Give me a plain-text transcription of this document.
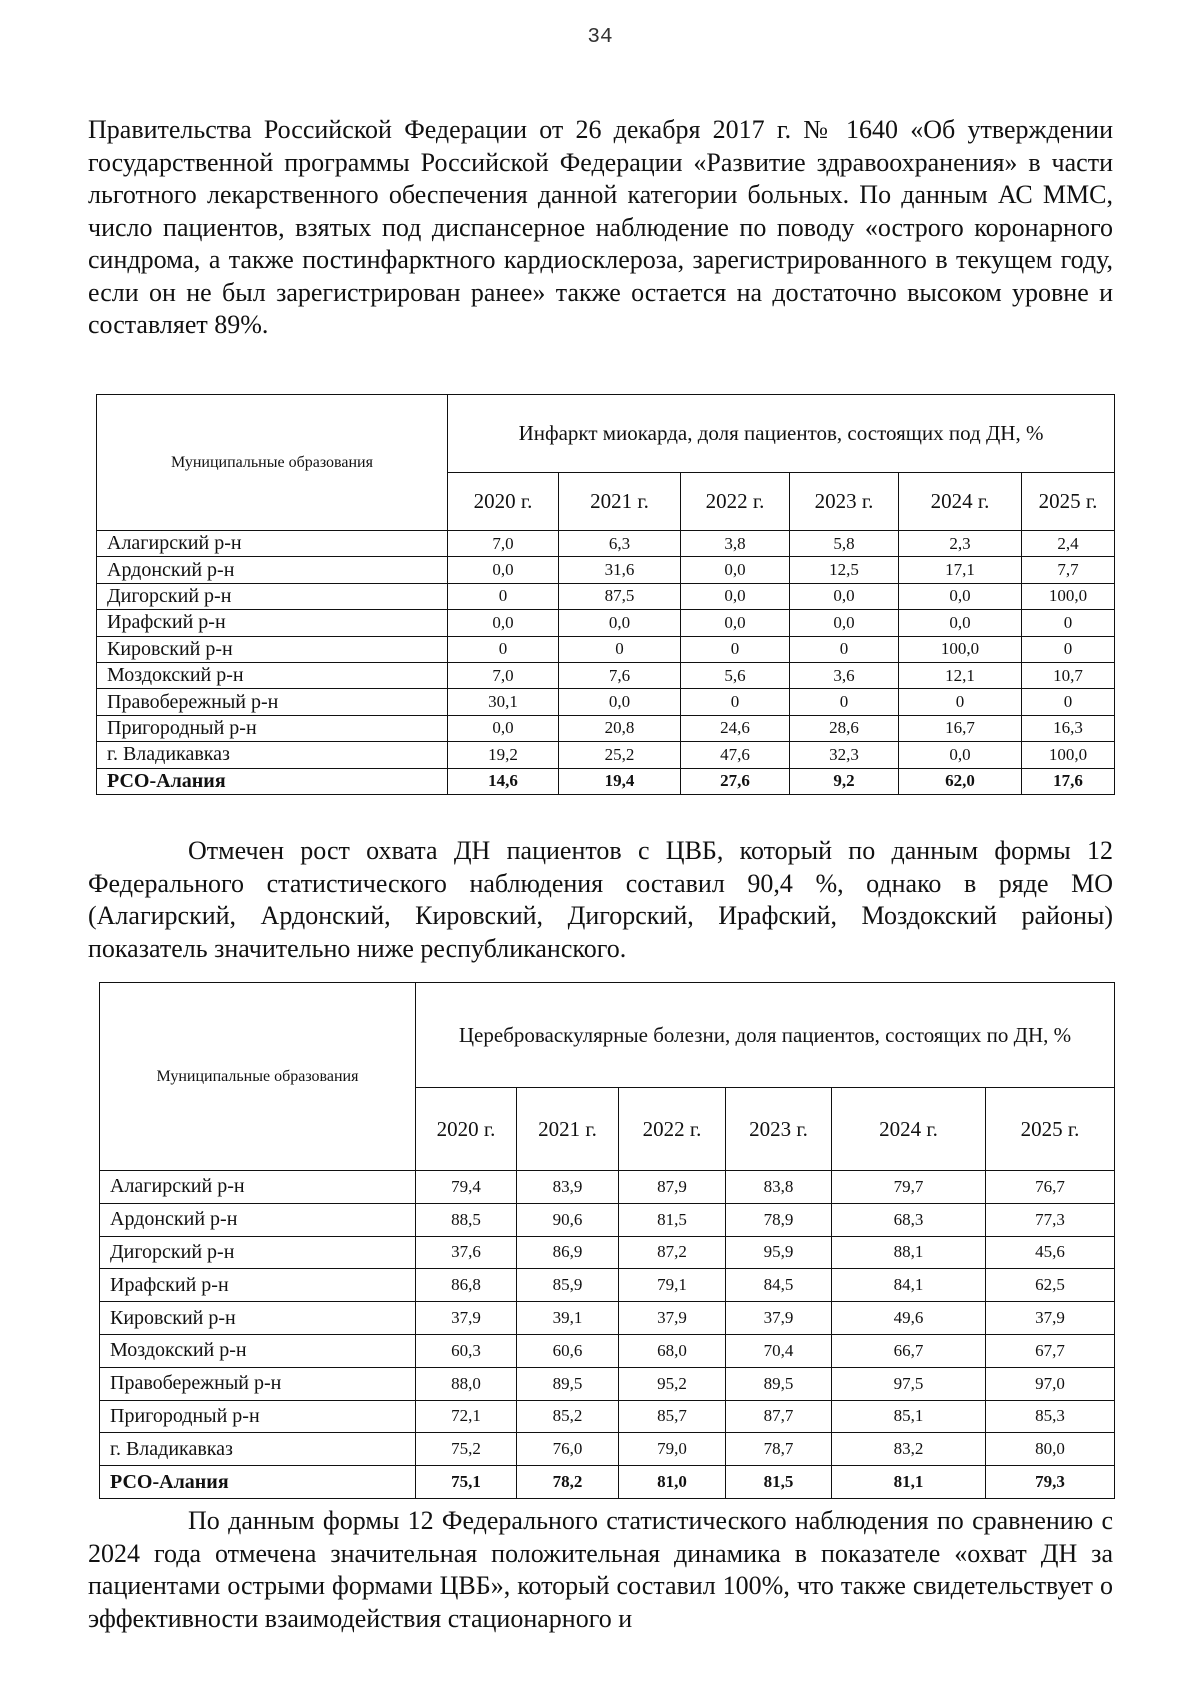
34

Правительства Российской Федерации от 26 декабря 2017 г. № 1640 «Об утверждении государственной программы Российской Федерации «Развитие здравоохранения» в части льготного лекарственного обеспечения данной категории больных. По данным АС ММС, число пациентов, взятых под диспансерное наблюдение по поводу «острого коронарного синдрома, а также постинфарктного кардиосклероза, зарегистрированного в текущем году, если он не был зарегистрирован ранее» также остается на достаточно высоком уровне и составляет 89%.

Муниципальные образования	Инфаркт миокарда, доля пациентов, состоящих под ДН, %					
	2020 г.	2021 г.	2022 г.	2023 г.	2024 г.	2025 г.
Алагирский р-н	7,0	6,3	3,8	5,8	2,3	2,4
Ардонский р-н	0,0	31,6	0,0	12,5	17,1	7,7
Дигорский р-н	0	87,5	0,0	0,0	0,0	100,0
Ирафский р-н	0,0	0,0	0,0	0,0	0,0	0
Кировский р-н	0	0	0	0	100,0	0
Моздокский р-н	7,0	7,6	5,6	3,6	12,1	10,7
Правобережный р-н	30,1	0,0	0	0	0	0
Пригородный р-н	0,0	20,8	24,6	28,6	16,7	16,3
г. Владикавказ	19,2	25,2	47,6	32,3	0,0	100,0
РСО-Алания	14,6	19,4	27,6	9,2	62,0	17,6

Отмечен рост охвата ДН пациентов с ЦВБ, который по данным формы 12 Федерального статистического наблюдения составил 90,4 %, однако в ряде МО (Алагирский, Ардонский, Кировский, Дигорский, Ирафский, Моздокский районы) показатель значительно ниже республиканского.

Муниципальные образования	Цереброваскулярные болезни, доля пациентов, состоящих по ДН, %					
	2020 г.	2021 г.	2022 г.	2023 г.	2024 г.	2025 г.
Алагирский р-н	79,4	83,9	87,9	83,8	79,7	76,7
Ардонский р-н	88,5	90,6	81,5	78,9	68,3	77,3
Дигорский р-н	37,6	86,9	87,2	95,9	88,1	45,6
Ирафский р-н	86,8	85,9	79,1	84,5	84,1	62,5
Кировский р-н	37,9	39,1	37,9	37,9	49,6	37,9
Моздокский р-н	60,3	60,6	68,0	70,4	66,7	67,7
Правобережный р-н	88,0	89,5	95,2	89,5	97,5	97,0
Пригородный р-н	72,1	85,2	85,7	87,7	85,1	85,3
г. Владикавказ	75,2	76,0	79,0	78,7	83,2	80,0
РСО-Алания	75,1	78,2	81,0	81,5	81,1	79,3

По данным формы 12 Федерального статистического наблюдения по сравнению с 2024 года отмечена значительная положительная динамика в показателе «охват ДН за пациентами острыми формами ЦВБ», который составил 100%, что также свидетельствует о эффективности взаимодействия стационарного и
